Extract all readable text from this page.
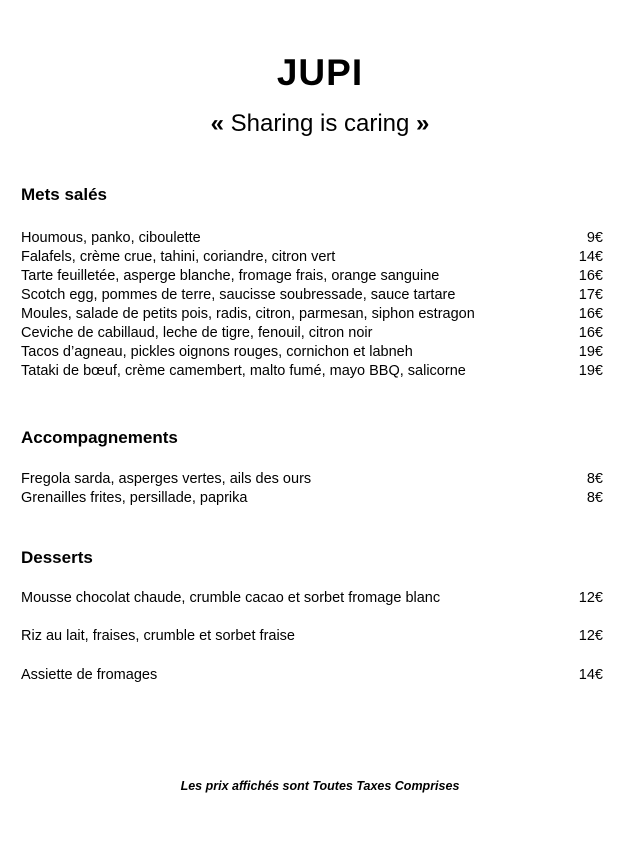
JUPI
« Sharing is caring »
Mets salés
Houmous, panko, ciboulette	9€
Falafels, crème crue, tahini, coriandre, citron vert	14€
Tarte feuilletée, asperge blanche, fromage frais, orange sanguine	16€
Scotch egg, pommes de terre, saucisse soubressade, sauce tartare	17€
Moules, salade de petits pois, radis, citron, parmesan, siphon estragon	16€
Ceviche de cabillaud, leche de tigre, fenouil, citron noir	16€
Tacos d’agneau, pickles oignons rouges, cornichon et labneh	19€
Tataki de bœuf, crème camembert, malto fumé, mayo BBQ, salicorne	19€
Accompagnements
Fregola sarda, asperges vertes, ails des ours	8€
Grenailles frites, persillade, paprika	8€
Desserts
Mousse chocolat chaude, crumble cacao et sorbet fromage blanc	12€
Riz au lait, fraises, crumble et sorbet fraise	12€
Assiette de fromages	14€
Les prix affichés sont Toutes Taxes Comprises
